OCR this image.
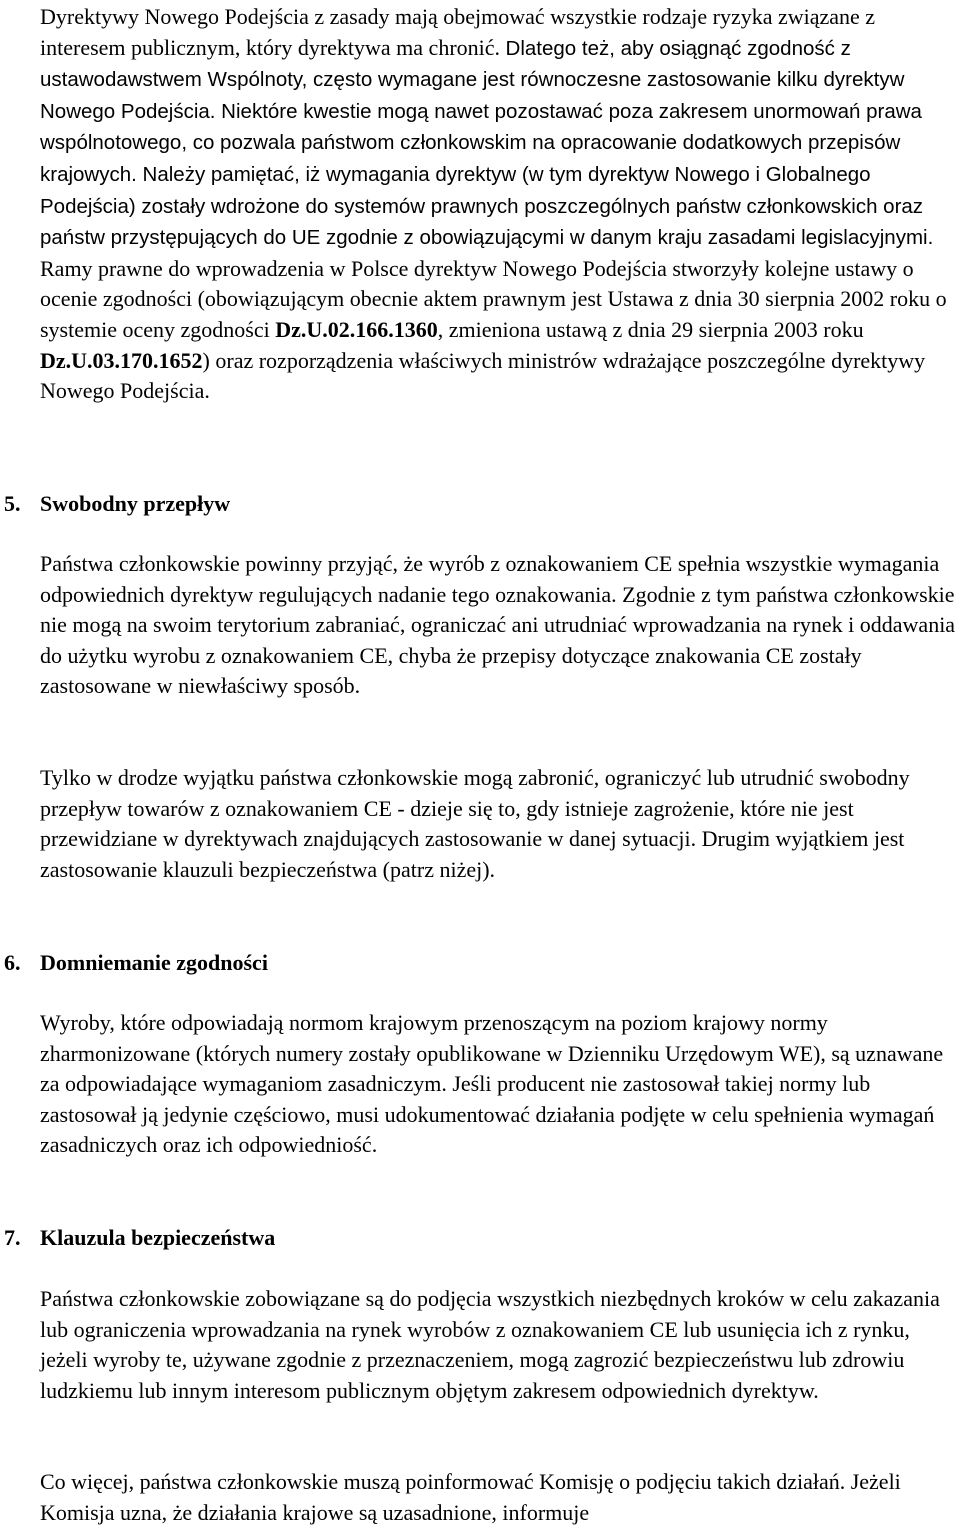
Dyrektywy Nowego Podejścia z zasady mają obejmować wszystkie rodzaje ryzyka związane z interesem publicznym, który dyrektywa ma chronić. Dlatego też, aby osiągnąć zgodność z ustawodawstwem Wspólnoty, często wymagane jest równoczesne zastosowanie kilku dyrektyw Nowego Podejścia. Niektóre kwestie mogą nawet pozostawać poza zakresem unormowań prawa wspólnotowego, co pozwala państwom członkowskim na opracowanie dodatkowych przepisów krajowych. Należy pamiętać, iż wymagania dyrektyw (w tym dyrektyw Nowego i Globalnego Podejścia) zostały wdrożone do systemów prawnych poszczególnych państw członkowskich oraz państw przystępujących do UE zgodnie z obowiązującymi w danym kraju zasadami legislacyjnymi. Ramy prawne do wprowadzenia w Polsce dyrektyw Nowego Podejścia stworzyły kolejne ustawy o ocenie zgodności (obowiązującym obecnie aktem prawnym jest Ustawa z dnia 30 sierpnia 2002 roku o systemie oceny zgodności Dz.U.02.166.1360, zmieniona ustawą z dnia 29 sierpnia 2003 roku Dz.U.03.170.1652) oraz rozporządzenia właściwych ministrów wdrażające poszczególne dyrektywy Nowego Podejścia.

5. Swobodny przepływ

Państwa członkowskie powinny przyjąć, że wyrób z oznakowaniem CE spełnia wszystkie wymagania odpowiednich dyrektyw regulujących nadanie tego oznakowania. Zgodnie z tym państwa członkowskie nie mogą na swoim terytorium zabraniać, ograniczać ani utrudniać wprowadzania na rynek i oddawania do użytku wyrobu z oznakowaniem CE, chyba że przepisy dotyczące znakowania CE zostały zastosowane w niewłaściwy sposób.

Tylko w drodze wyjątku państwa członkowskie mogą zabronić, ograniczyć lub utrudnić swobodny przepływ towarów z oznakowaniem CE - dzieje się to, gdy istnieje zagrożenie, które nie jest przewidziane w dyrektywach znajdujących zastosowanie w danej sytuacji. Drugim wyjątkiem jest zastosowanie klauzuli bezpieczeństwa (patrz niżej).

6. Domniemanie zgodności

Wyroby, które odpowiadają normom krajowym przenoszącym na poziom krajowy normy zharmonizowane (których numery zostały opublikowane w Dzienniku Urzędowym WE), są uznawane za odpowiadające wymaganiom zasadniczym. Jeśli producent nie zastosował takiej normy lub zastosował ją jedynie częściowo, musi udokumentować działania podjęte w celu spełnienia wymagań zasadniczych oraz ich odpowiedniość.

7. Klauzula bezpieczeństwa

Państwa członkowskie zobowiązane są do podjęcia wszystkich niezbędnych kroków w celu zakazania lub ograniczenia wprowadzania na rynek wyrobów z oznakowaniem CE lub usunięcia ich z rynku, jeżeli wyroby te, używane zgodnie z przeznaczeniem, mogą zagrozić bezpieczeństwu lub zdrowiu ludzkiemu lub innym interesom publicznym objętym zakresem odpowiednich dyrektyw.

Co więcej, państwa członkowskie muszą poinformować Komisję o podjęciu takich działań. Jeżeli Komisja uzna, że działania krajowe są uzasadnione, informuje
